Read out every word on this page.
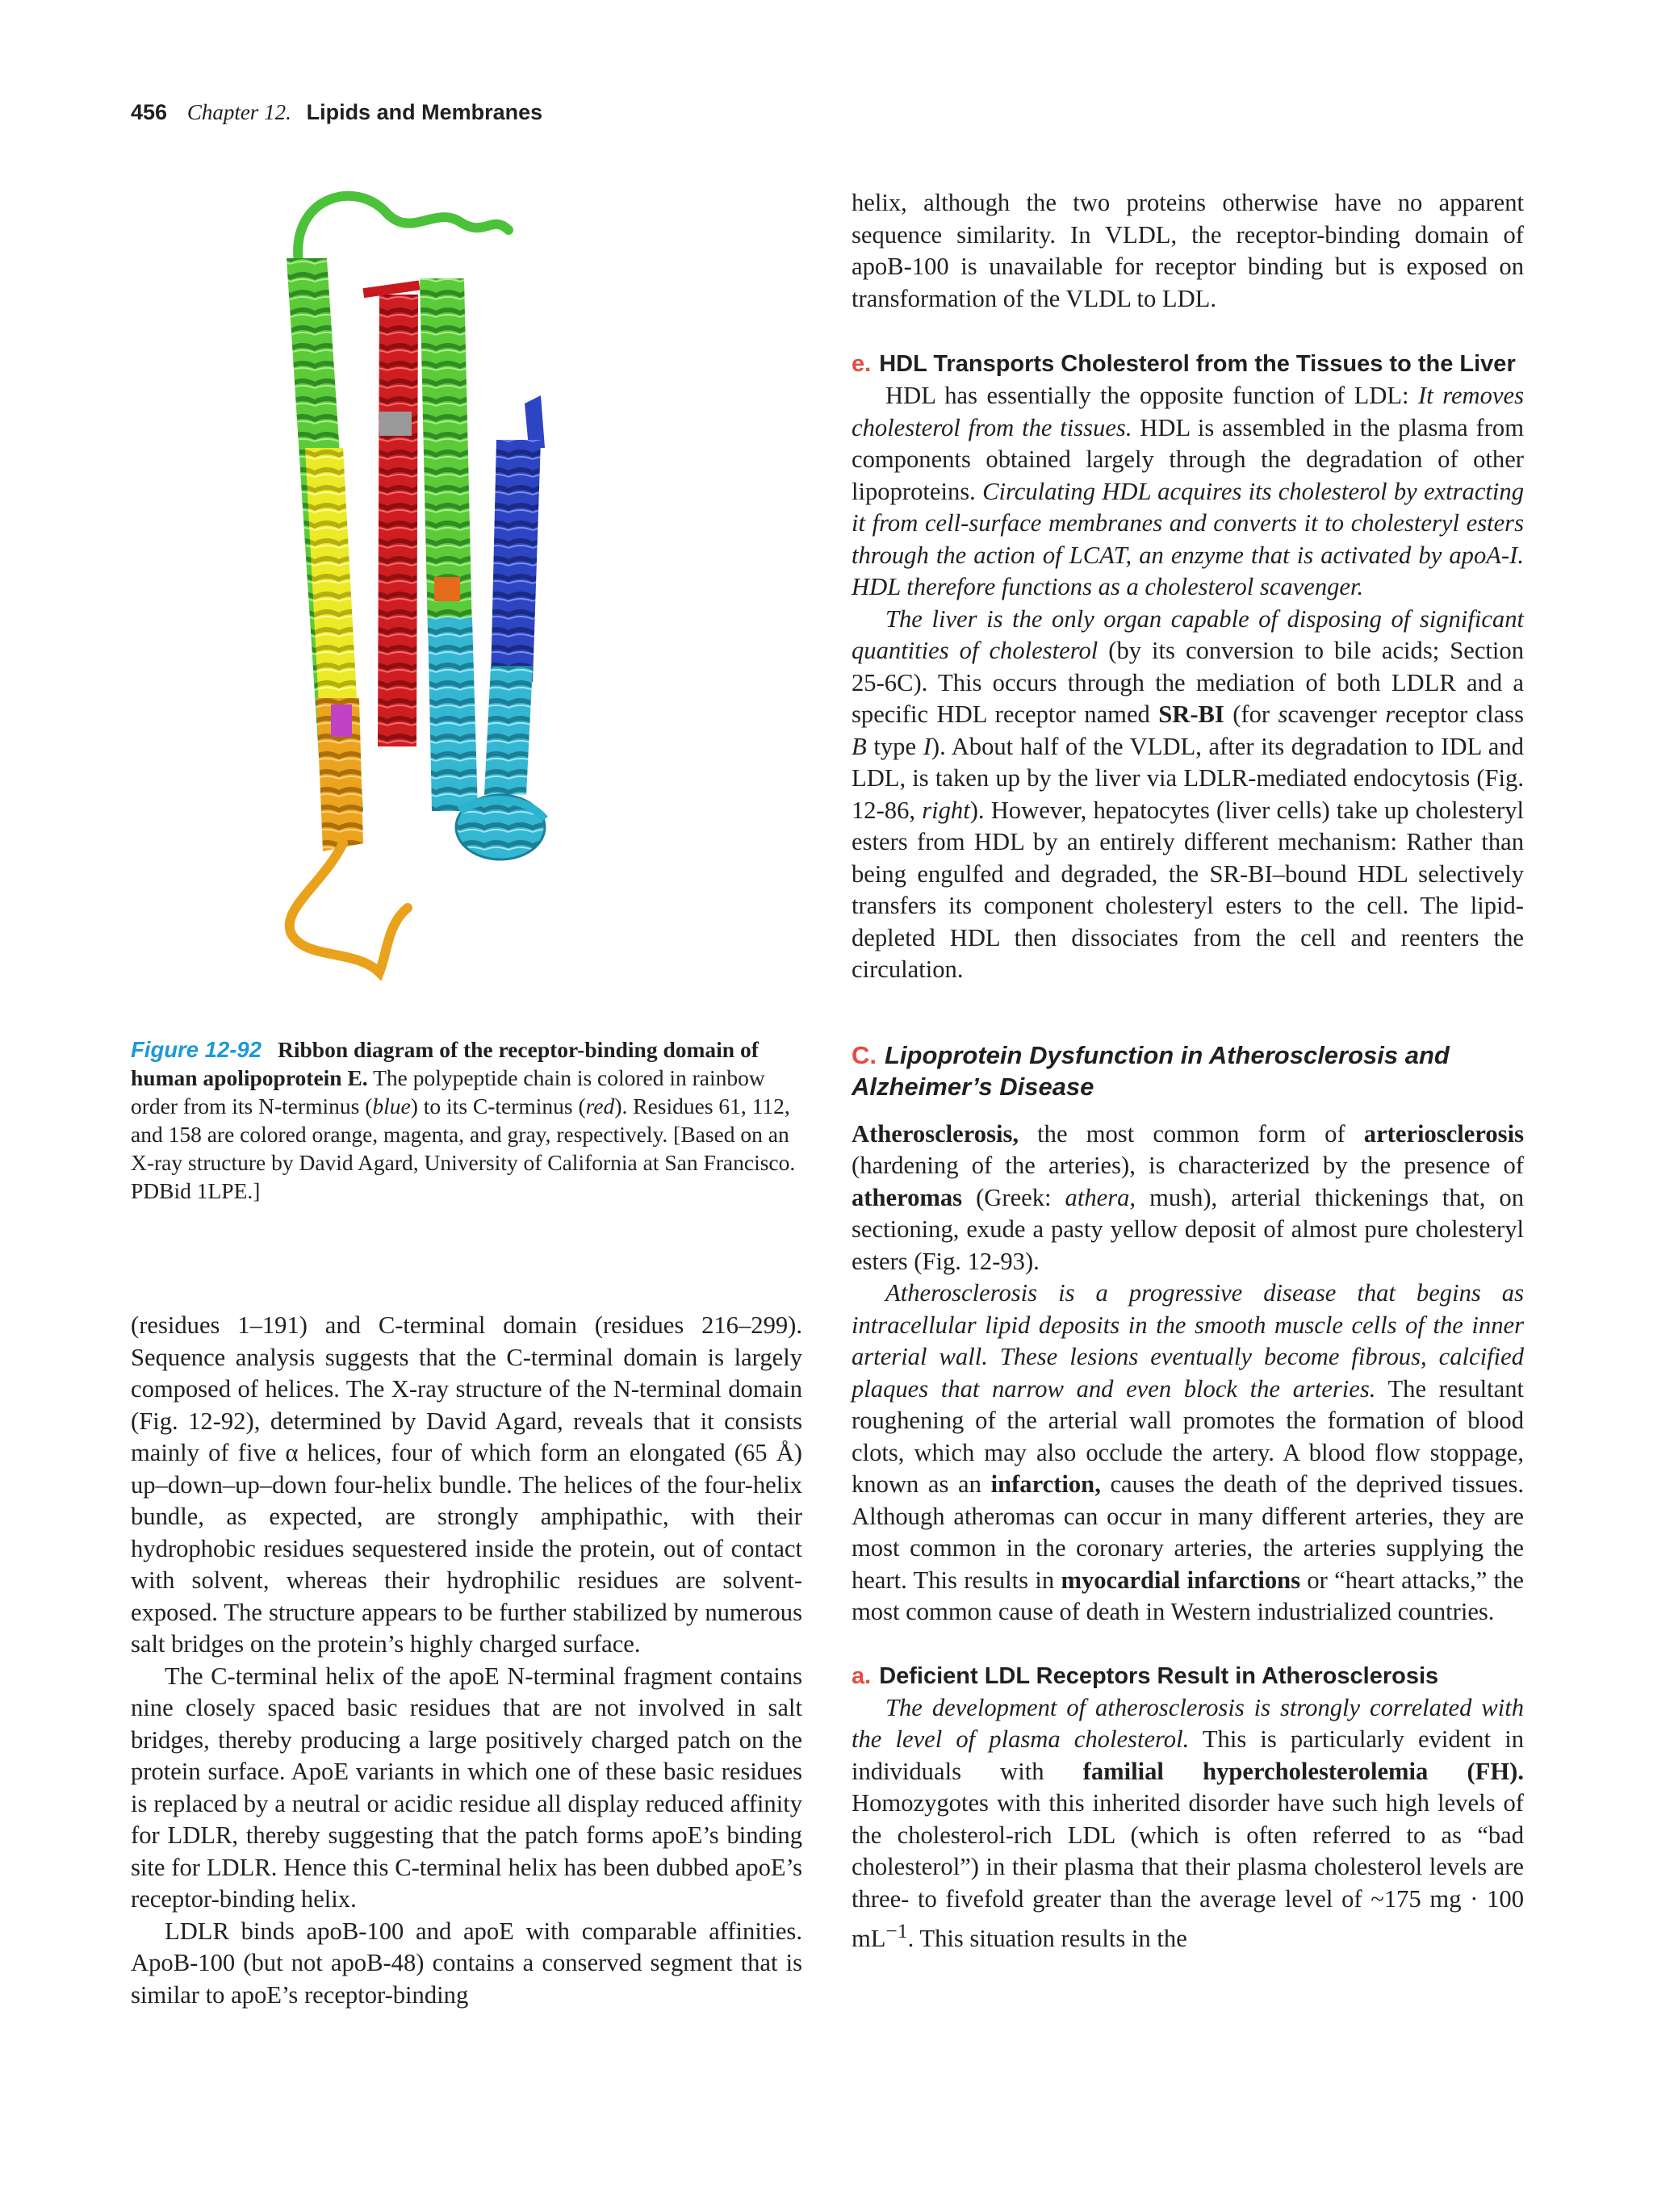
456 Chapter 12. Lipids and Membranes
Figure 12-92 Ribbon diagram of the receptor-binding domain of human apolipoprotein E. The polypeptide chain is colored in rainbow order from its N-terminus (blue) to its C-terminus (red). Residues 61, 112, and 158 are colored orange, magenta, and gray, respectively. [Based on an X-ray structure by David Agard, University of California at San Francisco. PDBid 1LPE.]

(residues 1–191) and C-terminal domain (residues 216–299). Sequence analysis suggests that the C-terminal domain is largely composed of helices. The X-ray structure of the N-terminal domain (Fig. 12-92), determined by David Agard, reveals that it consists mainly of five α helices, four of which form an elongated (65 Å) up–down–up–down four-helix bundle. The helices of the four-helix bundle, as expected, are strongly amphipathic, with their hydrophobic residues sequestered inside the protein, out of contact with solvent, whereas their hydrophilic residues are solvent-exposed. The structure appears to be further stabilized by numerous salt bridges on the protein’s highly charged surface.

The C-terminal helix of the apoE N-terminal fragment contains nine closely spaced basic residues that are not involved in salt bridges, thereby producing a large positively charged patch on the protein surface. ApoE variants in which one of these basic residues is replaced by a neutral or acidic residue all display reduced affinity for LDLR, thereby suggesting that the patch forms apoE’s binding site for LDLR. Hence this C-terminal helix has been dubbed apoE’s receptor-binding helix.

LDLR binds apoB-100 and apoE with comparable affinities. ApoB-100 (but not apoB-48) contains a conserved segment that is similar to apoE’s receptor-binding

helix, although the two proteins otherwise have no apparent sequence similarity. In VLDL, the receptor-binding domain of apoB-100 is unavailable for receptor binding but is exposed on transformation of the VLDL to LDL.

e. HDL Transports Cholesterol from the Tissues to the Liver

HDL has essentially the opposite function of LDL: It removes cholesterol from the tissues. HDL is assembled in the plasma from components obtained largely through the degradation of other lipoproteins. Circulating HDL acquires its cholesterol by extracting it from cell-surface membranes and converts it to cholesteryl esters through the action of LCAT, an enzyme that is activated by apoA-I. HDL therefore functions as a cholesterol scavenger.

The liver is the only organ capable of disposing of significant quantities of cholesterol (by its conversion to bile acids; Section 25-6C). This occurs through the mediation of both LDLR and a specific HDL receptor named SR-BI (for scavenger receptor class B type I). About half of the VLDL, after its degradation to IDL and LDL, is taken up by the liver via LDLR-mediated endocytosis (Fig. 12-86, right). However, hepatocytes (liver cells) take up cholesteryl esters from HDL by an entirely different mechanism: Rather than being engulfed and degraded, the SR-BI–bound HDL selectively transfers its component cholesteryl esters to the cell. The lipid-depleted HDL then dissociates from the cell and reenters the circulation.

C. Lipoprotein Dysfunction in Atherosclerosis and Alzheimer’s Disease

Atherosclerosis, the most common form of arteriosclerosis (hardening of the arteries), is characterized by the presence of atheromas (Greek: athera, mush), arterial thickenings that, on sectioning, exude a pasty yellow deposit of almost pure cholesteryl esters (Fig. 12-93).

Atherosclerosis is a progressive disease that begins as intracellular lipid deposits in the smooth muscle cells of the inner arterial wall. These lesions eventually become fibrous, calcified plaques that narrow and even block the arteries. The resultant roughening of the arterial wall promotes the formation of blood clots, which may also occlude the artery. A blood flow stoppage, known as an infarction, causes the death of the deprived tissues. Although atheromas can occur in many different arteries, they are most common in the coronary arteries, the arteries supplying the heart. This results in myocardial infarctions or “heart attacks,” the most common cause of death in Western industrialized countries.

a. Deficient LDL Receptors Result in Atherosclerosis

The development of atherosclerosis is strongly correlated with the level of plasma cholesterol. This is particularly evident in individuals with familial hypercholesterolemia (FH). Homozygotes with this inherited disorder have such high levels of the cholesterol-rich LDL (which is often referred to as “bad cholesterol”) in their plasma that their plasma cholesterol levels are three- to fivefold greater than the average level of ~175 mg · 100 $mL^{-1}$. This situation results in the
